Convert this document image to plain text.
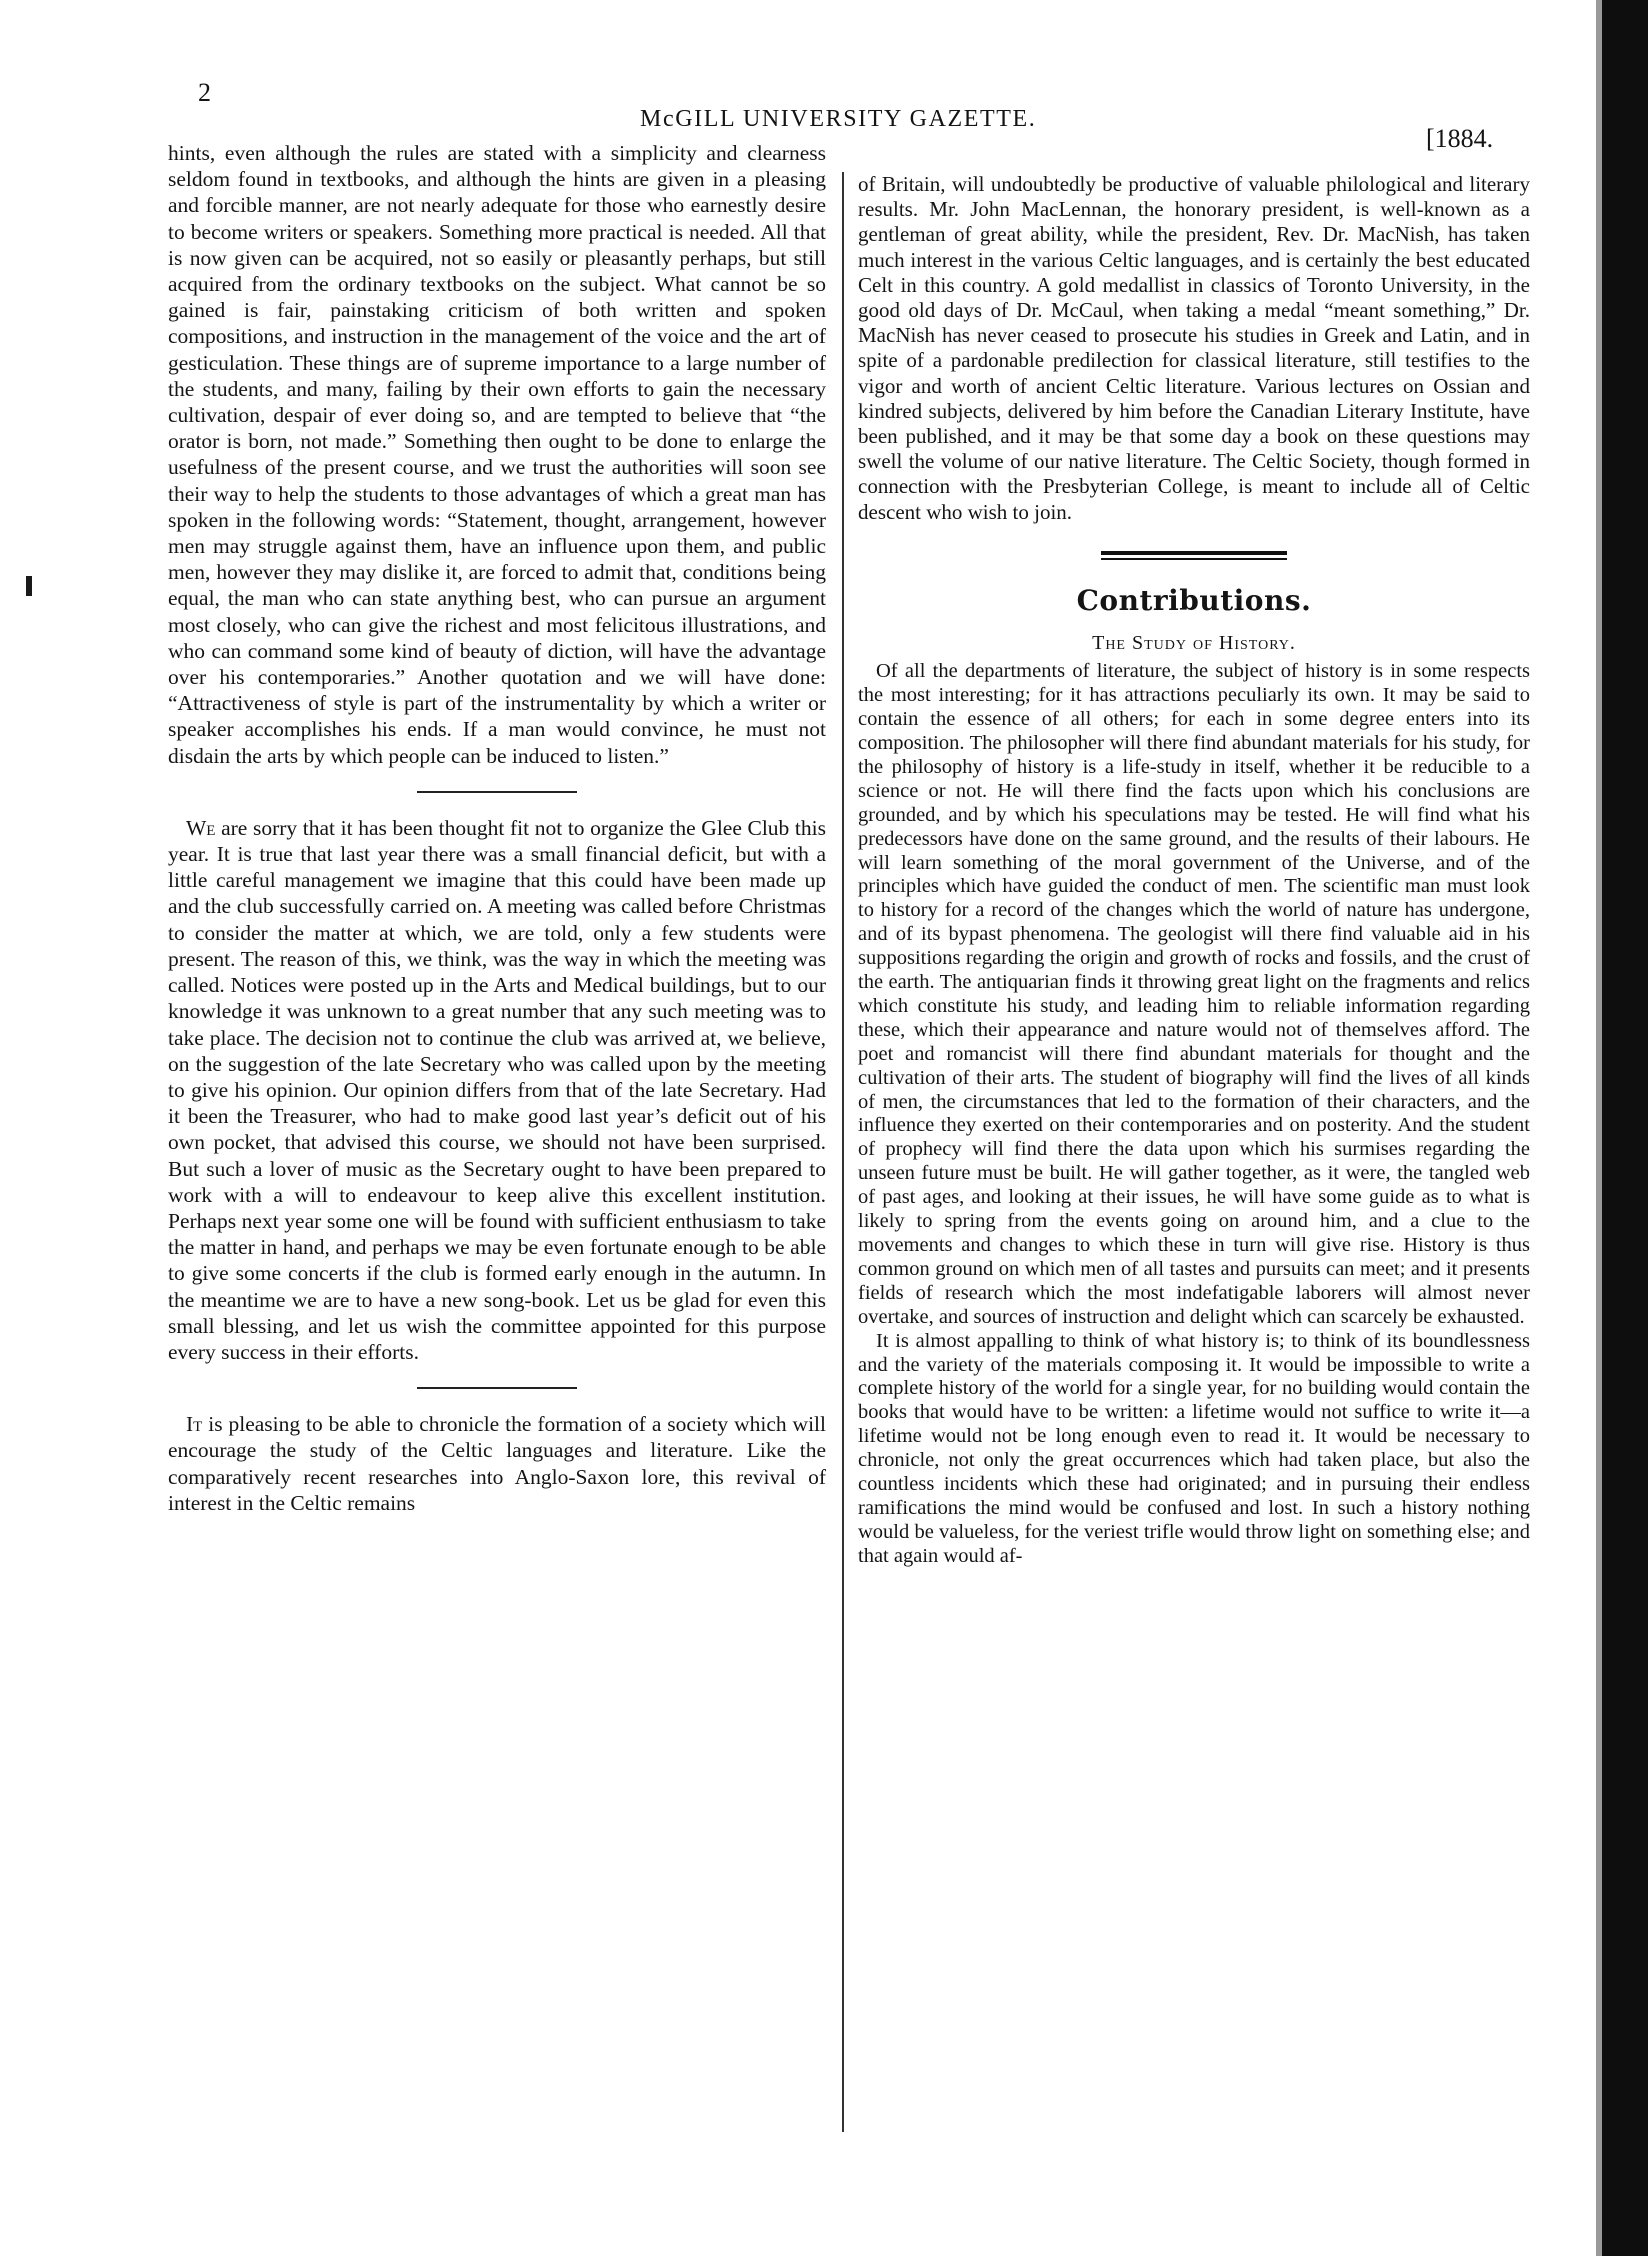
2
McGILL UNIVERSITY GAZETTE.
[1884.

hints, even although the rules are stated with a simplicity and clearness seldom found in textbooks, and although the hints are given in a pleasing and forcible manner, are not nearly adequate for those who earnestly desire to become writers or speakers. Something more practical is needed. All that is now given can be acquired, not so easily or pleasantly perhaps, but still acquired from the ordinary textbooks on the subject. What cannot be so gained is fair, painstaking criticism of both written and spoken compositions, and instruction in the management of the voice and the art of gesticulation. These things are of supreme importance to a large number of the students, and many, failing by their own efforts to gain the necessary cultivation, despair of ever doing so, and are tempted to believe that “the orator is born, not made.” Something then ought to be done to enlarge the usefulness of the present course, and we trust the authorities will soon see their way to help the students to those advantages of which a great man has spoken in the following words: “Statement, thought, arrangement, however men may struggle against them, have an influence upon them, and public men, however they may dislike it, are forced to admit that, conditions being equal, the man who can state anything best, who can pursue an argument most closely, who can give the richest and most felicitous illustrations, and who can command some kind of beauty of diction, will have the advantage over his contemporaries.” Another quotation and we will have done: “Attractiveness of style is part of the instrumentality by which a writer or speaker accomplishes his ends. If a man would convince, he must not disdain the arts by which people can be induced to listen.”

We are sorry that it has been thought fit not to organize the Glee Club this year. It is true that last year there was a small financial deficit, but with a little careful management we imagine that this could have been made up and the club successfully carried on. A meeting was called before Christmas to consider the matter at which, we are told, only a few students were present. The reason of this, we think, was the way in which the meeting was called. Notices were posted up in the Arts and Medical buildings, but to our knowledge it was unknown to a great number that any such meeting was to take place. The decision not to continue the club was arrived at, we believe, on the suggestion of the late Secretary who was called upon by the meeting to give his opinion. Our opinion differs from that of the late Secretary. Had it been the Treasurer, who had to make good last year’s deficit out of his own pocket, that advised this course, we should not have been surprised. But such a lover of music as the Secretary ought to have been prepared to work with a will to endeavour to keep alive this excellent institution. Perhaps next year some one will be found with sufficient enthusiasm to take the matter in hand, and perhaps we may be even fortunate enough to be able to give some concerts if the club is formed early enough in the autumn. In the meantime we are to have a new song-book. Let us be glad for even this small blessing, and let us wish the committee appointed for this purpose every success in their efforts.

It is pleasing to be able to chronicle the formation of a society which will encourage the study of the Celtic languages and literature. Like the comparatively recent researches into Anglo-Saxon lore, this revival of interest in the Celtic remains

of Britain, will undoubtedly be productive of valuable philological and literary results. Mr. John MacLennan, the honorary president, is well-known as a gentleman of great ability, while the president, Rev. Dr. MacNish, has taken much interest in the various Celtic languages, and is certainly the best educated Celt in this country. A gold medallist in classics of Toronto University, in the good old days of Dr. McCaul, when taking a medal “meant something,” Dr. MacNish has never ceased to prosecute his studies in Greek and Latin, and in spite of a pardonable predilection for classical literature, still testifies to the vigor and worth of ancient Celtic literature. Various lectures on Ossian and kindred subjects, delivered by him before the Canadian Literary Institute, have been published, and it may be that some day a book on these questions may swell the volume of our native literature. The Celtic Society, though formed in connection with the Presbyterian College, is meant to include all of Celtic descent who wish to join.

Contributions.
The Study of History.

Of all the departments of literature, the subject of history is in some respects the most interesting; for it has attractions peculiarly its own. It may be said to contain the essence of all others; for each in some degree enters into its composition. The philosopher will there find abundant materials for his study, for the philosophy of history is a life-study in itself, whether it be reducible to a science or not. He will there find the facts upon which his conclusions are grounded, and by which his speculations may be tested. He will find what his predecessors have done on the same ground, and the results of their labours. He will learn something of the moral government of the Universe, and of the principles which have guided the conduct of men. The scientific man must look to history for a record of the changes which the world of nature has undergone, and of its bypast phenomena. The geologist will there find valuable aid in his suppositions regarding the origin and growth of rocks and fossils, and the crust of the earth. The antiquarian finds it throwing great light on the fragments and relics which constitute his study, and leading him to reliable information regarding these, which their appearance and nature would not of themselves afford. The poet and romancist will there find abundant materials for thought and the cultivation of their arts. The student of biography will find the lives of all kinds of men, the circumstances that led to the formation of their characters, and the influence they exerted on their contemporaries and on posterity. And the student of prophecy will find there the data upon which his surmises regarding the unseen future must be built. He will gather together, as it were, the tangled web of past ages, and looking at their issues, he will have some guide as to what is likely to spring from the events going on around him, and a clue to the movements and changes to which these in turn will give rise. History is thus common ground on which men of all tastes and pursuits can meet; and it presents fields of research which the most indefatigable laborers will almost never overtake, and sources of instruction and delight which can scarcely be exhausted.

It is almost appalling to think of what history is; to think of its boundlessness and the variety of the materials composing it. It would be impossible to write a complete history of the world for a single year, for no building would contain the books that would have to be written: a lifetime would not suffice to write it—a lifetime would not be long enough even to read it. It would be necessary to chronicle, not only the great occurrences which had taken place, but also the countless incidents which these had originated; and in pursuing their endless ramifications the mind would be confused and lost. In such a history nothing would be valueless, for the veriest trifle would throw light on something else; and that again would af-
